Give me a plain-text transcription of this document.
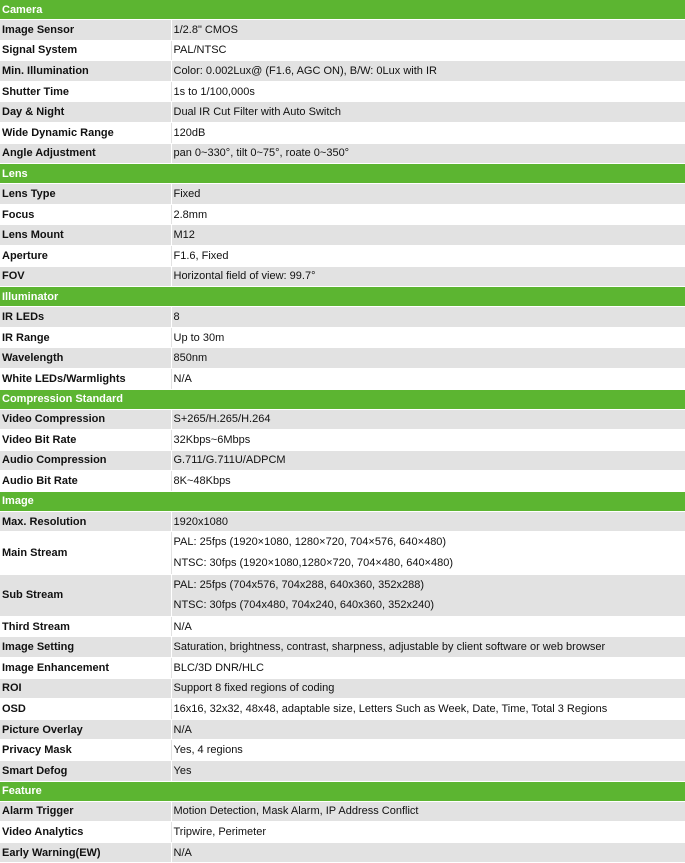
Camera	
Image Sensor	1/2.8" CMOS
Signal System	PAL/NTSC
Min. Illumination	Color: 0.002Lux@ (F1.6, AGC ON), B/W: 0Lux with IR
Shutter Time	1s to 1/100,000s
Day & Night	Dual IR Cut Filter with Auto Switch
Wide Dynamic Range	120dB
Angle Adjustment	pan 0~330°, tilt 0~75°, roate 0~350°
Lens	
Lens Type	Fixed
Focus	2.8mm
Lens Mount	M12
Aperture	F1.6, Fixed
FOV	Horizontal field of view: 99.7°
Illuminator	
IR LEDs	8
IR Range	Up to 30m
Wavelength	850nm
White LEDs/Warmlights	N/A
Compression Standard	
Video Compression	S+265/H.265/H.264
Video Bit Rate	32Kbps~6Mbps
Audio Compression	G.711/G.711U/ADPCM
Audio Bit Rate	8K~48Kbps
Image	
Max. Resolution	1920x1080
Main Stream	PAL: 25fps (1920×1080, 1280×720, 704×576, 640×480)
NTSC: 30fps (1920×1080,1280×720, 704×480, 640×480)

Sub Stream	PAL: 25fps (704x576, 704x288, 640x360, 352x288)
NTSC: 30fps (704x480, 704x240, 640x360, 352x240)

Third Stream	N/A
Image Setting	Saturation, brightness, contrast, sharpness, adjustable by client software or web browser
Image Enhancement	BLC/3D DNR/HLC
ROI	Support 8 fixed regions of coding
OSD	16x16, 32x32, 48x48, adaptable size, Letters Such as Week, Date, Time, Total 3 Regions
Picture Overlay	N/A
Privacy Mask	Yes, 4 regions
Smart Defog	Yes
Feature	
Alarm Trigger	Motion Detection, Mask Alarm, IP Address Conflict
Video Analytics	Tripwire, Perimeter
Early Warning(EW)	N/A
